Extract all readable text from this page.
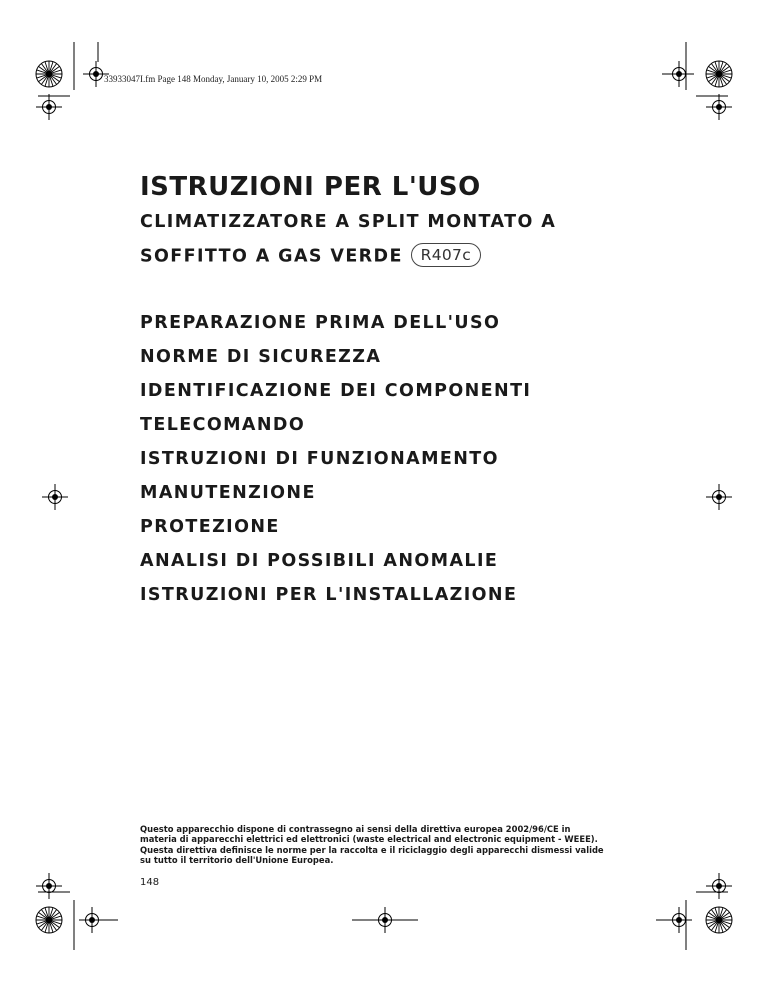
33933047I.fm Page 148 Monday, January 10, 2005 2:29 PM
ISTRUZIONI PER L'USO
CLIMATIZZATORE A SPLIT MONTATO A
SOFFITTO A GAS VERDE R407c
PREPARAZIONE PRIMA DELL'USO
NORME DI SICUREZZA
IDENTIFICAZIONE DEI COMPONENTI
TELECOMANDO
ISTRUZIONI DI FUNZIONAMENTO
MANUTENZIONE
PROTEZIONE
ANALISI DI POSSIBILI ANOMALIE
ISTRUZIONI PER L'INSTALLAZIONE

Questo apparecchio dispone di contrassegno ai sensi della direttiva europea 2002/96/CE in
materia di apparecchi elettrici ed elettronici (waste electrical and electronic equipment - WEEE).
Questa direttiva definisce le norme per la raccolta e il riciclaggio degli apparecchi dismessi valide
su tutto il territorio dell'Unione Europea.

148
